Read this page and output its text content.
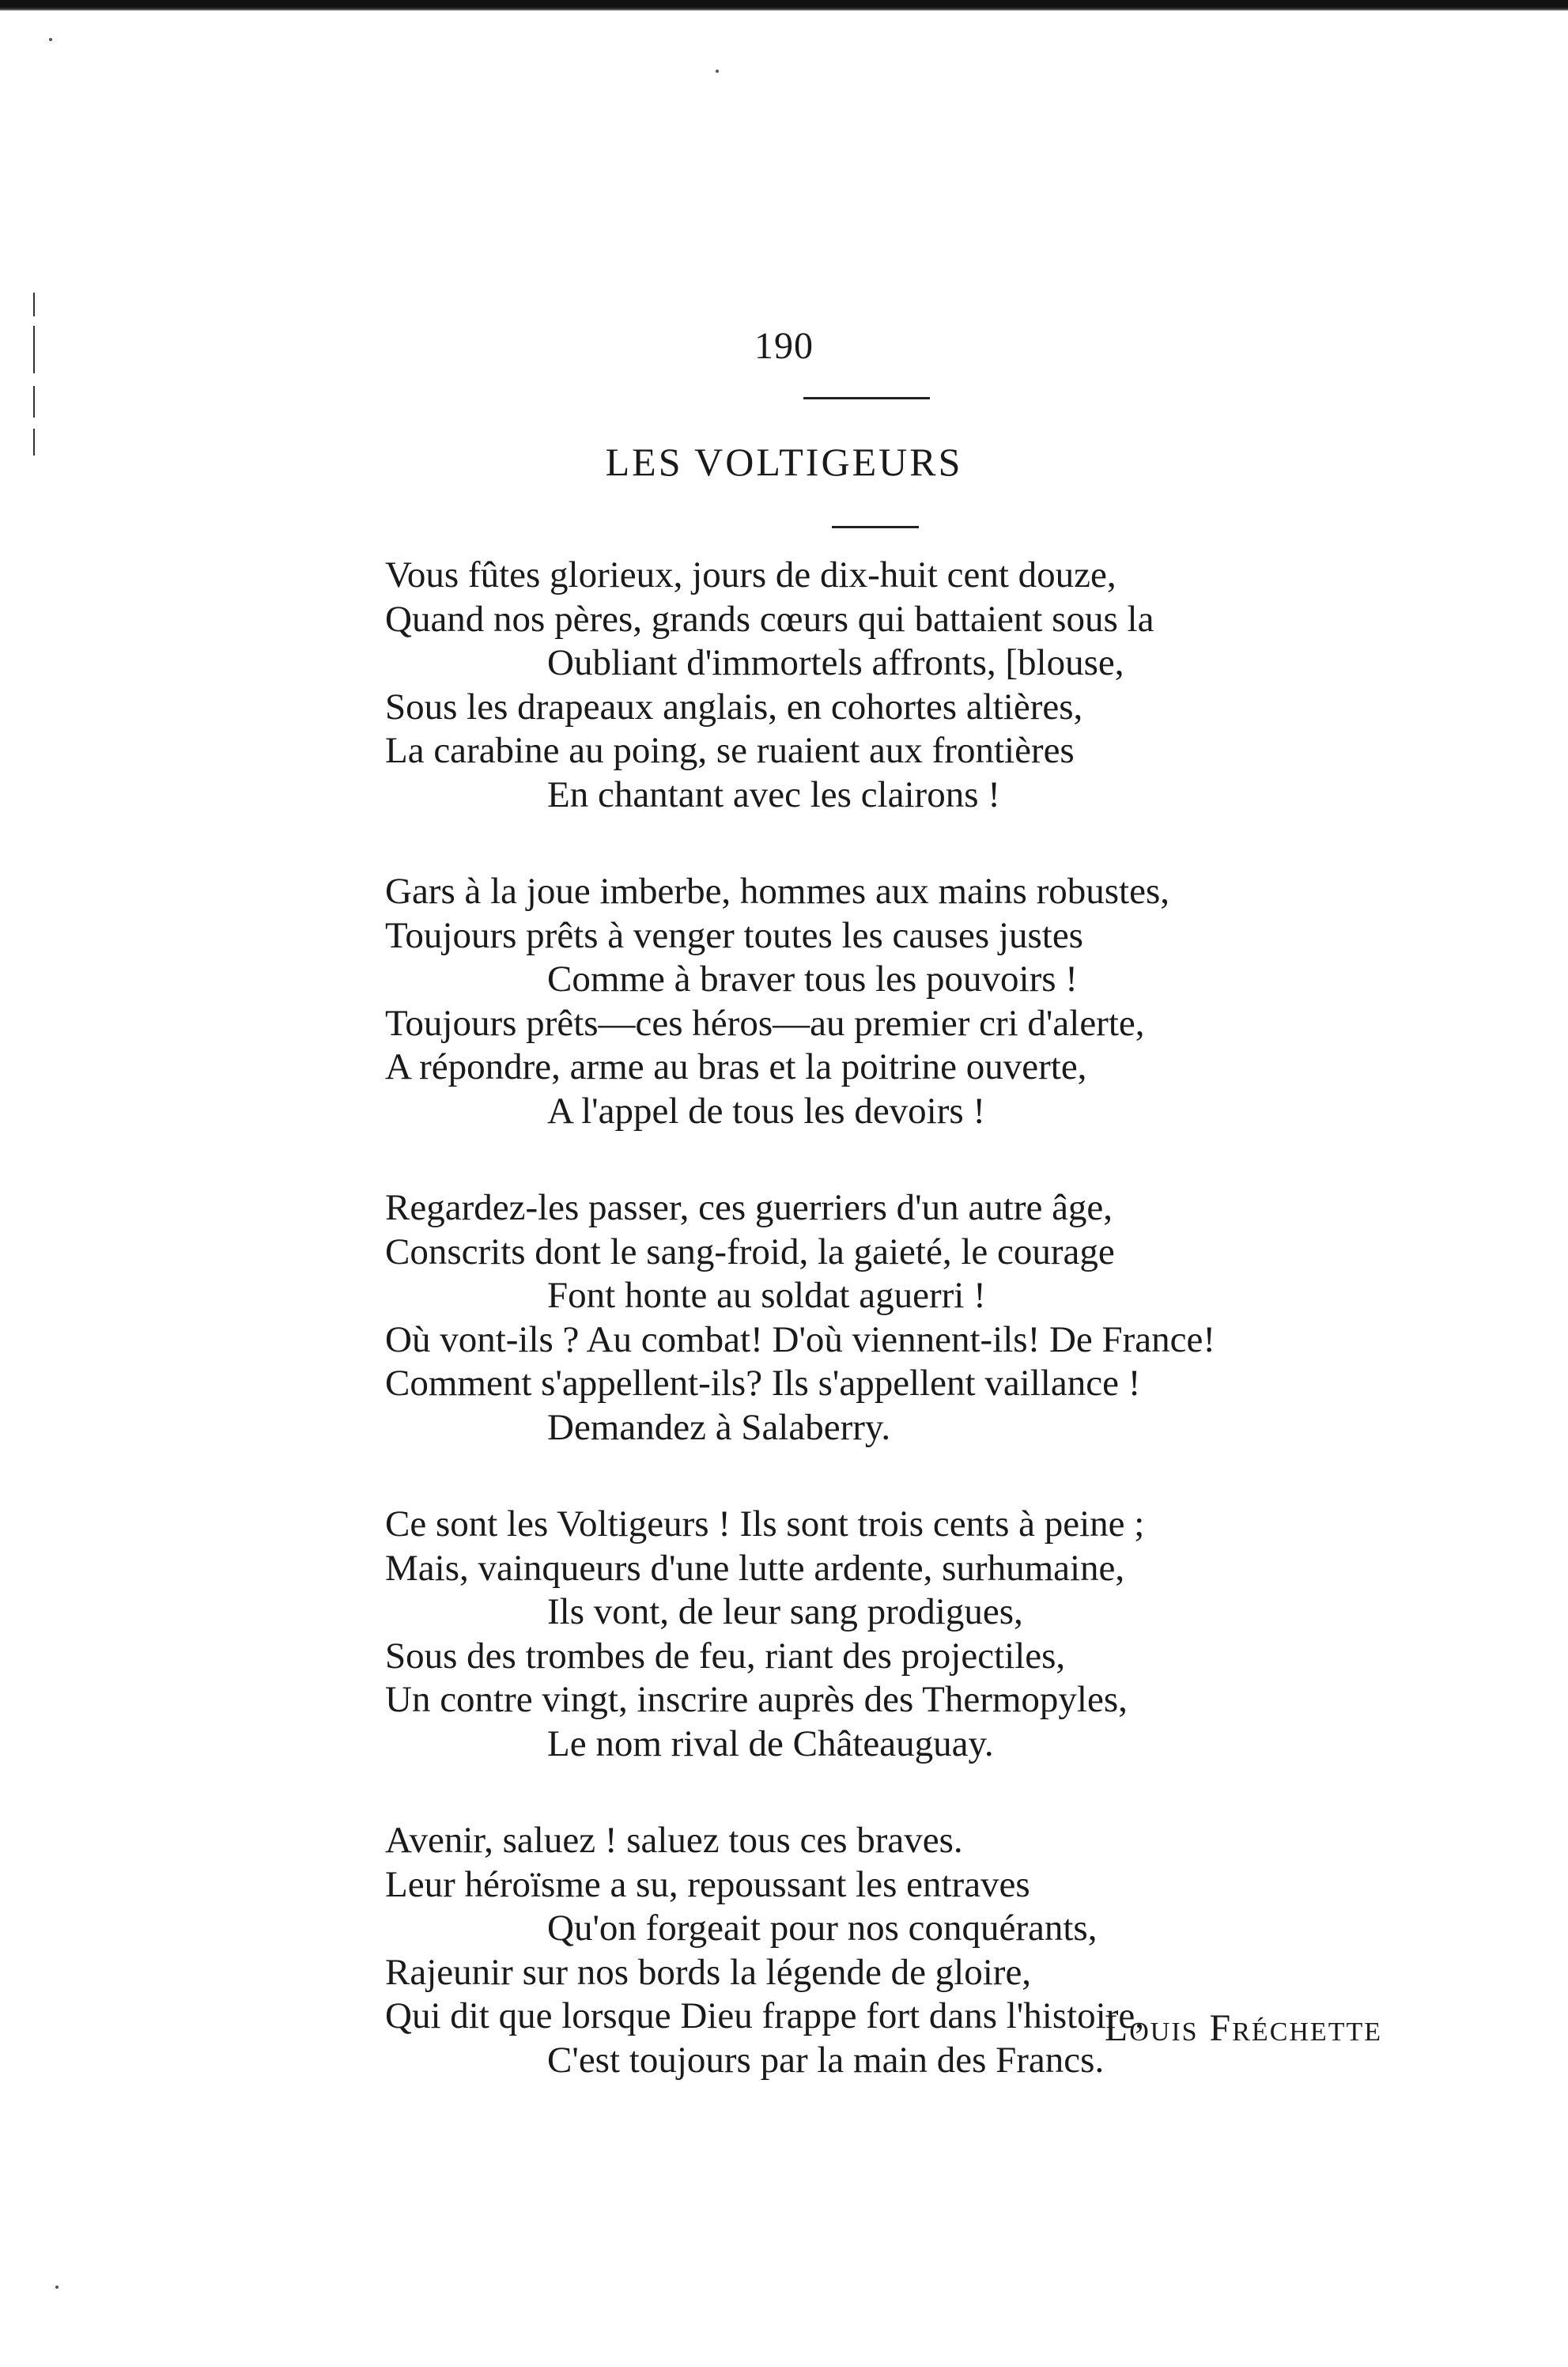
190
LES VOLTIGEURS
Vous fûtes glorieux, jours de dix-huit cent douze,
Quand nos pères, grands cœurs qui battaient sous la
Oubliant d'immortels affronts, [blouse,
Sous les drapeaux anglais, en cohortes altières,
La carabine au poing, se ruaient aux frontières
En chantant avec les clairons !
Gars à la joue imberbe, hommes aux mains robustes,
Toujours prêts à venger toutes les causes justes
Comme à braver tous les pouvoirs !
Toujours prêts—ces héros—au premier cri d'alerte,
A répondre, arme au bras et la poitrine ouverte,
A l'appel de tous les devoirs !
Regardez-les passer, ces guerriers d'un autre âge,
Conscrits dont le sang-froid, la gaieté, le courage
Font honte au soldat aguerri !
Où vont-ils ? Au combat! D'où viennent-ils! De France!
Comment s'appellent-ils? Ils s'appellent vaillance !
Demandez à Salaberry.
Ce sont les Voltigeurs ! Ils sont trois cents à peine ;
Mais, vainqueurs d'une lutte ardente, surhumaine,
Ils vont, de leur sang prodigues,
Sous des trombes de feu, riant des projectiles,
Un contre vingt, inscrire auprès des Thermopyles,
Le nom rival de Châteauguay.
Avenir, saluez ! saluez tous ces braves.
Leur héroïsme a su, repoussant les entraves
Qu'on forgeait pour nos conquérants,
Rajeunir sur nos bords la légende de gloire,
Qui dit que lorsque Dieu frappe fort dans l'histoire,
C'est toujours par la main des Francs.
Louis Fréchette
